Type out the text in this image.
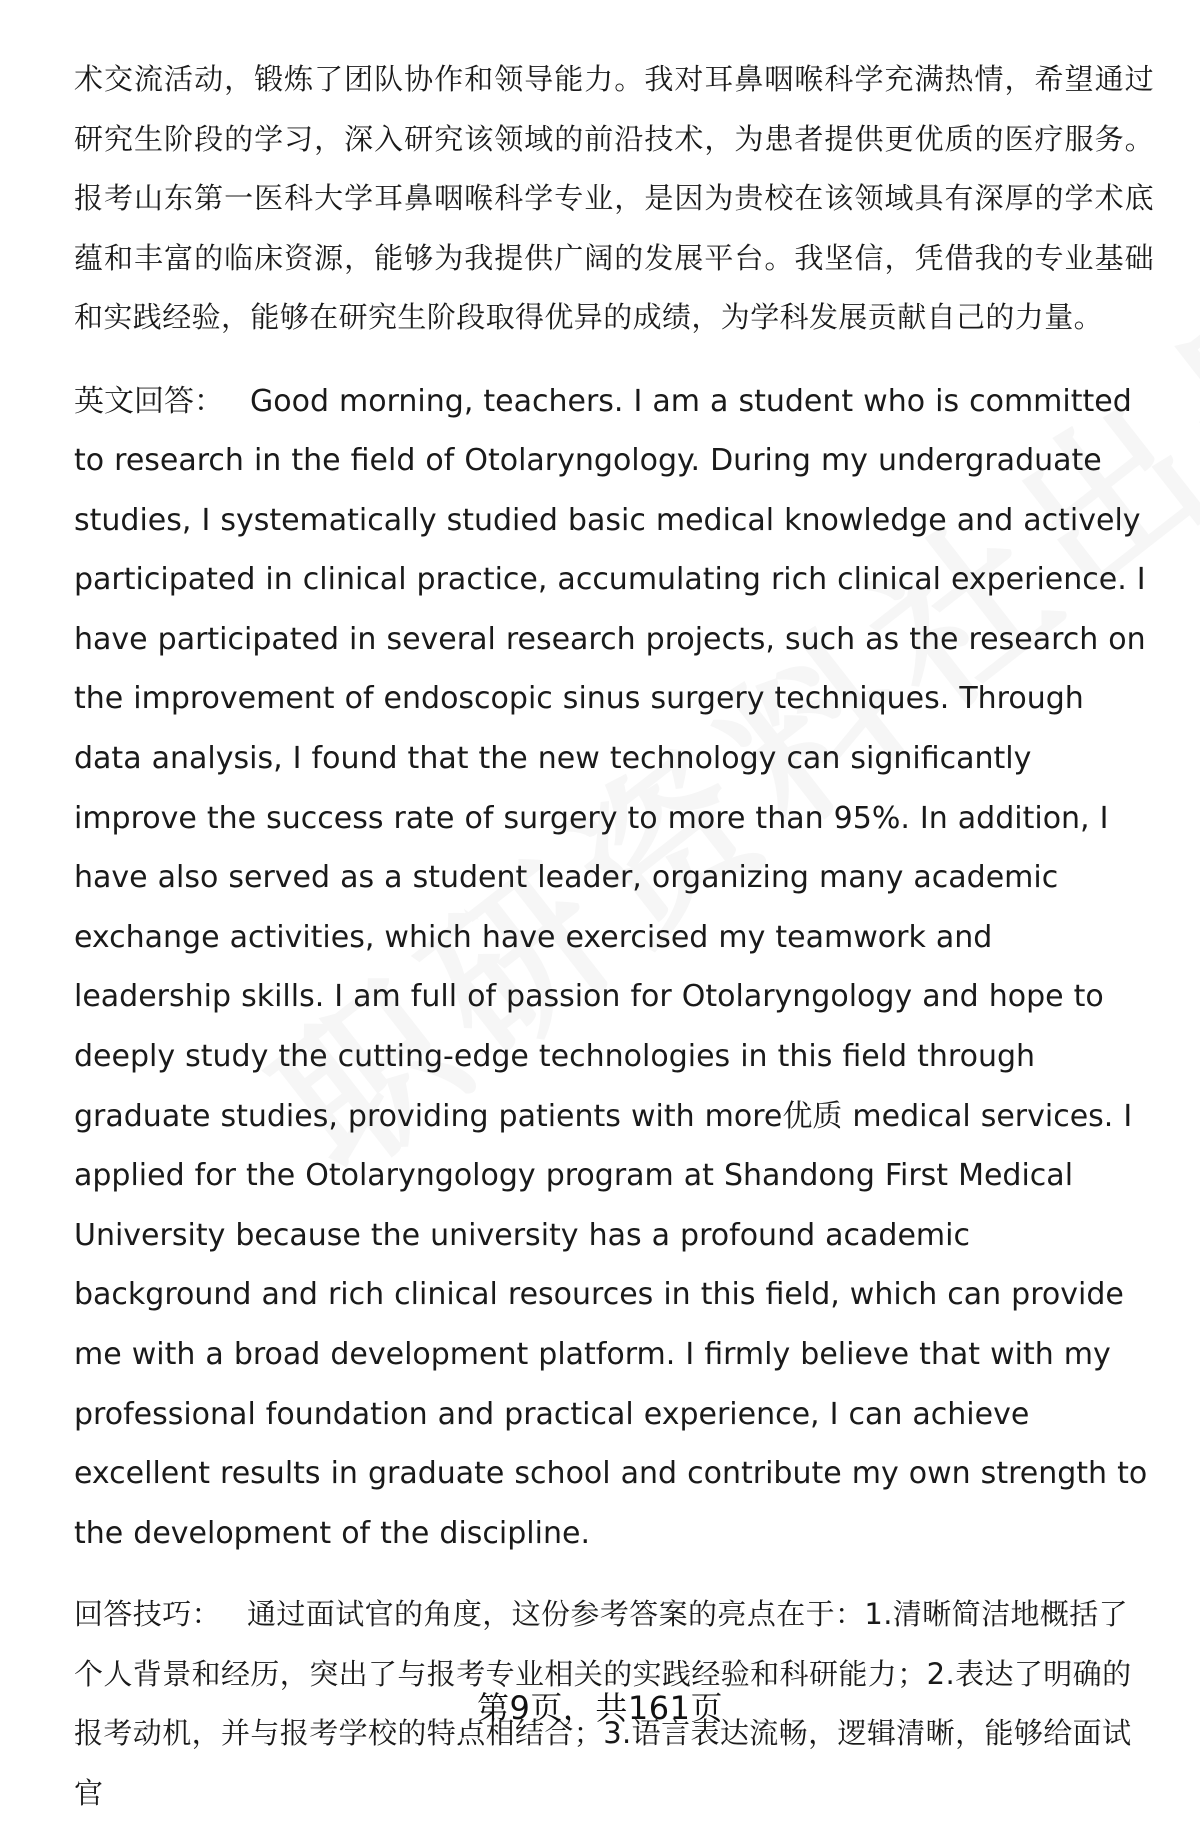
术交流活动，锻炼了团队协作和领导能力。我对耳鼻咽喉科学充满热情，希望通过研究生阶段的学习，深入研究该领域的前沿技术，为患者提供更优质的医疗服务。报考山东第一医科大学耳鼻咽喉科学专业，是因为贵校在该领域具有深厚的学术底蕴和丰富的临床资源，能够为我提供广阔的发展平台。我坚信，凭借我的专业基础和实践经验，能够在研究生阶段取得优异的成绩，为学科发展贡献自己的力量。

英文回答： Good morning, teachers. I am a student who is committed to research in the field of Otolaryngology. During my undergraduate studies, I systematically studied basic medical knowledge and actively participated in clinical practice, accumulating rich clinical experience. I have participated in several research projects, such as the research on the improvement of endoscopic sinus surgery techniques. Through data analysis, I found that the new technology can significantly improve the success rate of surgery to more than 95%. In addition, I have also served as a student leader, organizing many academic exchange activities, which have exercised my teamwork and leadership skills. I am full of passion for Otolaryngology and hope to deeply study the cutting-edge technologies in this field through graduate studies, providing patients with more优质 medical services. I applied for the Otolaryngology program at Shandong First Medical University because the university has a profound academic background and rich clinical resources in this field, which can provide me with a broad development platform. I firmly believe that with my professional foundation and practical experience, I can achieve excellent results in graduate school and contribute my own strength to the development of the discipline.

回答技巧： 通过面试官的角度，这份参考答案的亮点在于：1.清晰简洁地概括了个人背景和经历，突出了与报考专业相关的实践经验和科研能力；2.表达了明确的报考动机，并与报考学校的特点相结合；3.语言表达流畅，逻辑清晰，能够给面试官

第9页，共161页
